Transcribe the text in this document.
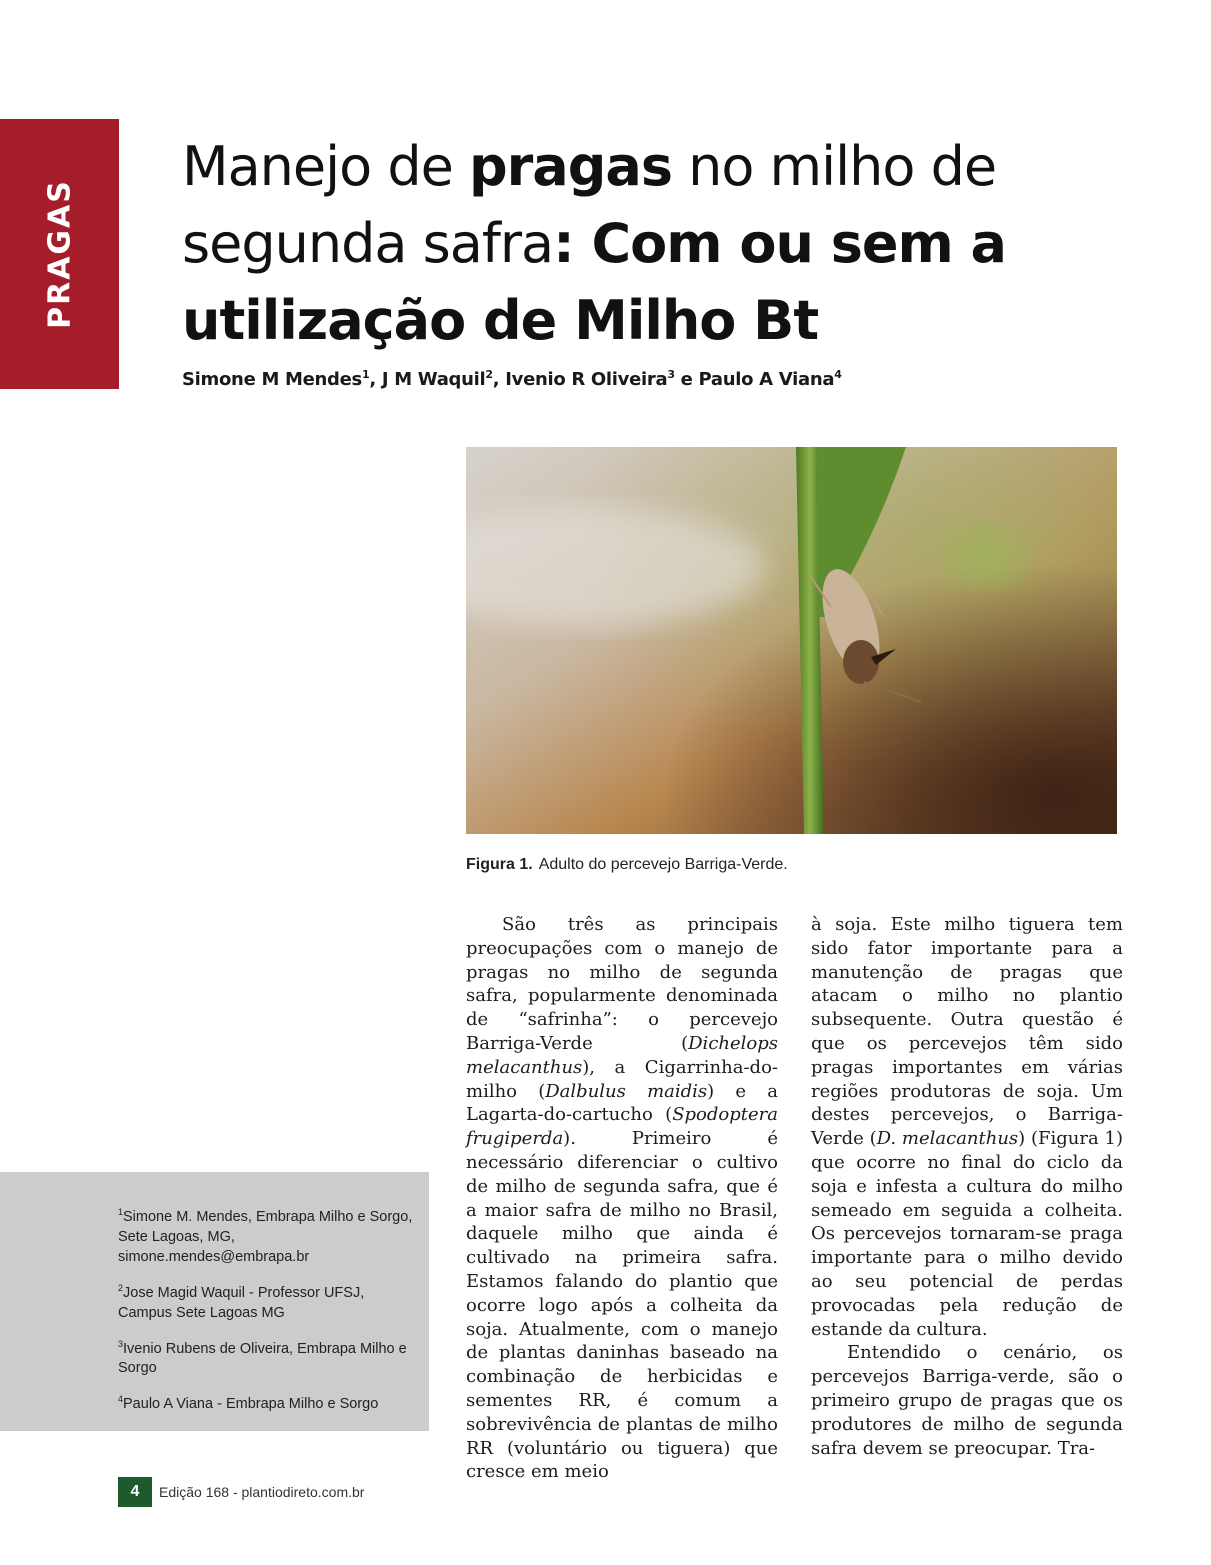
PRAGAS
Manejo de pragas no milho de segunda safra: Com ou sem a utilização de Milho Bt
Simone M Mendes$^1$, J M Waquil$^2$, Ivenio R Oliveira$^3$ e Paulo A Viana$^4$
Figura 1. Adulto do percevejo Barriga-Verde.

São três as principais preocupações com o manejo de pragas no milho de segunda safra, popularmente denominada de “safrinha”: o percevejo Barriga-Verde (Dichelops melacanthus), a Cigarrinha-do-milho (Dalbulus maidis) e a Lagarta-do-cartucho (Spodoptera frugiperda). Primeiro é necessário diferenciar o cultivo de milho de segunda safra, que é a maior safra de milho no Brasil, daquele milho que ainda é cultivado na primeira safra. Estamos falando do plantio que ocorre logo após a colheita da soja. Atualmente, com o manejo de plantas daninhas baseado na combinação de herbicidas e sementes RR, é comum a sobrevivência de plantas de milho RR (voluntário ou tiguera) que cresce em meio

à soja. Este milho tiguera tem sido fator importante para a manutenção de pragas que atacam o milho no plantio subsequente. Outra questão é que os percevejos têm sido pragas importantes em várias regiões produtoras de soja. Um destes percevejos, o Barriga-Verde (D. melacanthus) (Figura 1) que ocorre no final do ciclo da soja e infesta a cultura do milho semeado em seguida a colheita. Os percevejos tornaram-se praga importante para o milho devido ao seu potencial de perdas provocadas pela redução de estande da cultura.

Entendido o cenário, os percevejos Barriga-verde, são o primeiro grupo de pragas que os produtores de milho de segunda safra devem se preocupar. Tra-

$^1$Simone M. Mendes, Embrapa Milho e Sorgo, Sete Lagoas, MG, simone.mendes@embrapa.br

$^2$Jose Magid Waquil - Professor UFSJ, Campus Sete Lagoas MG

$^3$Ivenio Rubens de Oliveira, Embrapa Milho e Sorgo

$^4$Paulo A Viana - Embrapa Milho e Sorgo

4	Edição 168 - plantiodireto.com.br
